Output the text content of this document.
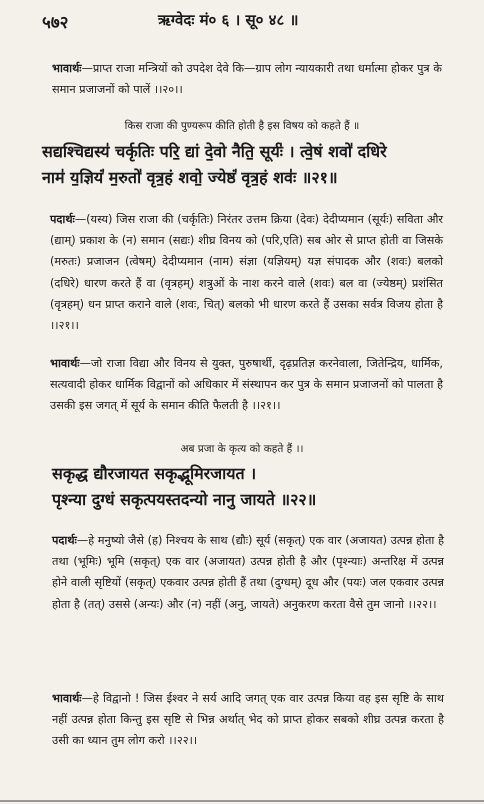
५७२	ऋग्वेदः मं० ६ । सू० ४८ ॥
भावार्थः—प्राप्त राजा मन्त्रियों को उपदेश देवे कि—ग्राप लोग न्यायकारी तथा धर्मात्मा होकर पुत्र के समान प्रजाजनों को पालें ।।२०।।
किस राजा की पुण्यरूप कीति होती है इस विषय को कहते हैं ॥
सद्यश्चिद्यस्य॑ चर्कृतिः परि॒ द्यां दे॒वो नैति॒ सूर्यः॑ । त्वे॒षं शवो॑ दधिरे
नाम॑ य॒ज्ञियं॑ म॒रुतो॑ वृत्र॒हं शवो॒ ज्येष्ठं॑ वृत्र॒हं शवः॑ ॥२१॥
पदार्थः—(यस्य) जिस राजा की (चर्कृतिः) निरंतर उत्तम क्रिया (देवः) देदीप्यमान (सूर्यः) सविता और (द्याम्) प्रकाश के (न) समान (सद्यः) शीघ्र विनय को (परि,एति) सब ओर से प्राप्त होती वा जिसके (मरुतः) प्रजाजन (त्वेषम्) देदीप्यमान (नाम) संज्ञा (यज्ञियम्) यज्ञ संपादक और (शवः) बलको (दधिरे) धारण करते हैं वा (वृत्रहम्) शत्रुओं के नाश करने वाले (शवः) बल वा (ज्येष्ठम्) प्रशंसित (वृत्रहम्) धन प्राप्त कराने वाले (शवः, चित्) बलको भी धारण करते हैं उसका सर्वत्र विजय होता है ।।२१।।
भावार्थः—जो राजा विद्या और विनय से युक्त, पुरुषार्थी, दृढ़प्रतिज्ञ करनेवाला, जितेन्द्रिय, धार्मिक, सत्यवादी होकर धार्मिक विद्वानों को अधिकार में संस्थापन कर पुत्र के समान प्रजाजनों को पालता है उसकी इस जगत् में सूर्य के समान कीति फैलती है ।।२१।।
अब प्रजा के कृत्य को कहते हैं ।।
सकृद्ध द्यौरजायत सकृद्भूमिरजायत ।
पृश्न्या दुग्धं सकृत्पयस्तदन्यो नानु जायते ॥२२॥
पदार्थः—हे मनुष्यो जैसे (ह) निश्चय के साथ (द्यौः) सूर्य (सकृत्) एक वार (अजायत) उत्पन्न होता है तथा (भूमिः) भूमि (सकृत्) एक वार (अजायत) उत्पन्न होती है और (पृश्न्याः) अन्तरिक्ष में उत्पन्न होने वाली सृष्टियों (सकृत्) एकवार उत्पन्न होती हैं तथा (दुग्धम्) दूध और (पयः) जल एकवार उत्पन्न होता है (तत्) उससे (अन्यः) और (न) नहीं (अनु, जायते) अनुकरण करता वैसे तुम जानो ।।२२।।
भावार्थः—हे विद्वानो ! जिस ईश्वर ने सर्य आदि जगत् एक वार उत्पन्न किया वह इस सृष्टि के साथ नहीं उत्पन्न होता किन्तु इस सृष्टि से भिन्न अर्थात् भेद को प्राप्त होकर सबको शीघ्र उत्पन्न करता है उसी का ध्यान तुम लोग करो ।।२२।।
